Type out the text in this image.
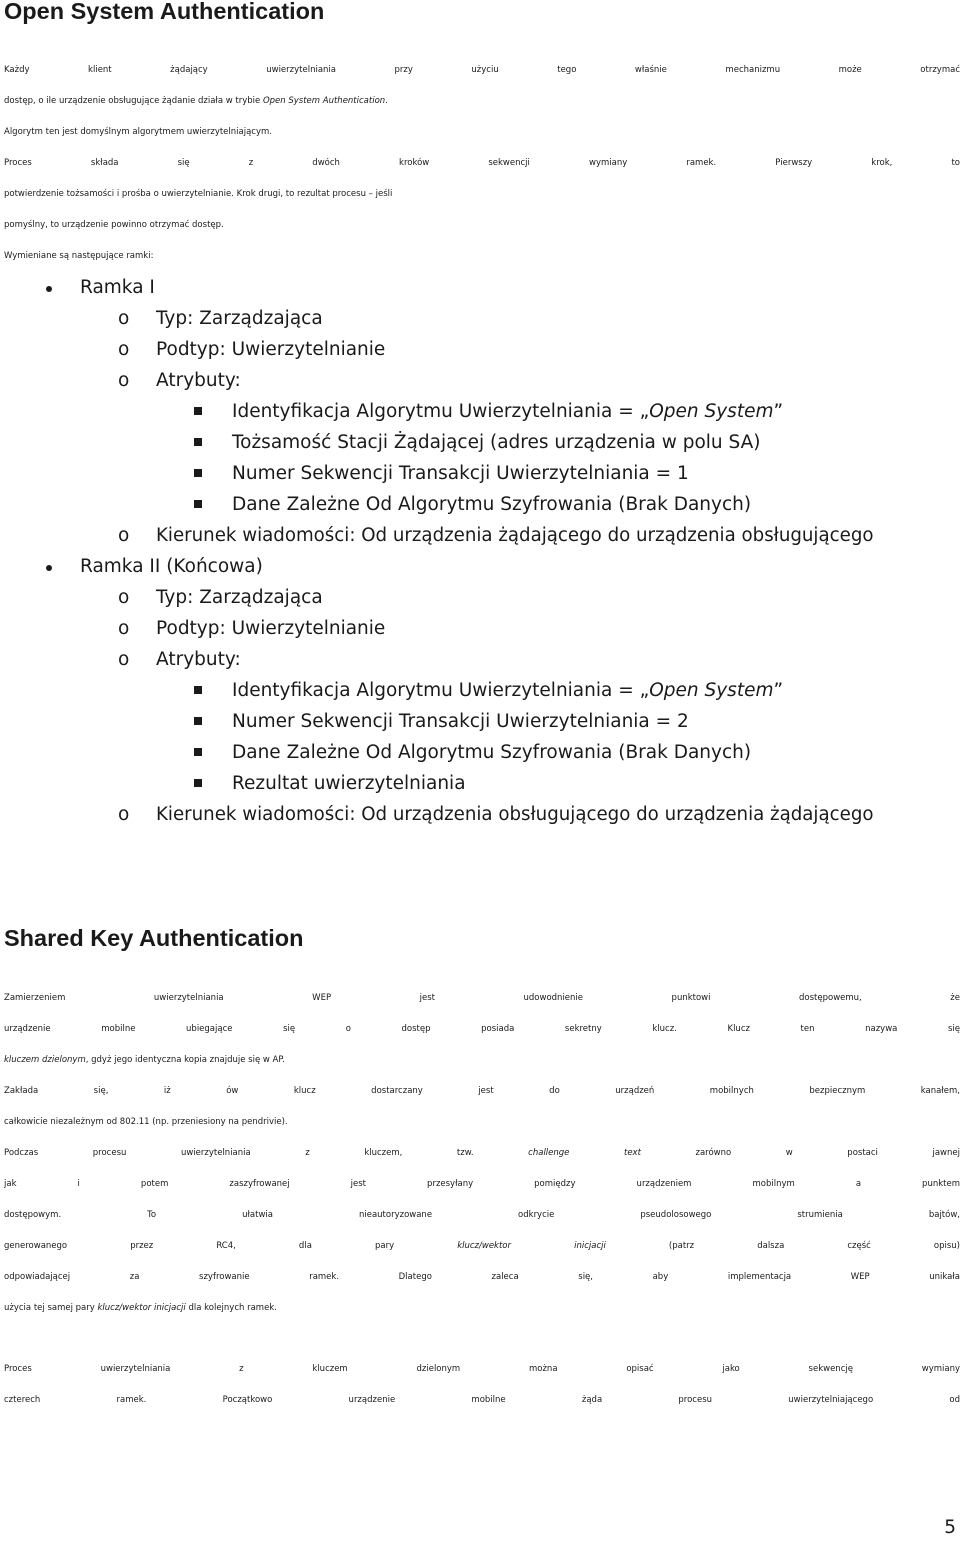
Open System Authentication

Każdy klient żądający uwierzytelniania przy użyciu tego właśnie mechanizmu może otrzymać

dostęp, o ile urządzenie obsługujące żądanie działa w trybie Open System Authentication.

Algorytm ten jest domyślnym algorytmem uwierzytelniającym.

Proces składa się z dwóch kroków sekwencji wymiany ramek. Pierwszy krok, to

potwierdzenie tożsamości i prośba o uwierzytelnianie. Krok drugi, to rezultat procesu – jeśli

pomyślny, to urządzenie powinno otrzymać dostęp.

Wymieniane są następujące ramki:

Ramka I
o Typ: Zarządzająca
o Podtyp: Uwierzytelnianie
o Atrybuty:
Identyfikacja Algorytmu Uwierzytelniania = „Open System”
Tożsamość Stacji Żądającej (adres urządzenia w polu SA)
Numer Sekwencji Transakcji Uwierzytelniania = 1
Dane Zależne Od Algorytmu Szyfrowania (Brak Danych)
o Kierunek wiadomości: Od urządzenia żądającego do urządzenia obsługującego
Ramka II (Końcowa)
o Typ: Zarządzająca
o Podtyp: Uwierzytelnianie
o Atrybuty:
Identyfikacja Algorytmu Uwierzytelniania = „Open System”
Numer Sekwencji Transakcji Uwierzytelniania = 2
Dane Zależne Od Algorytmu Szyfrowania (Brak Danych)
Rezultat uwierzytelniania
o Kierunek wiadomości: Od urządzenia obsługującego do urządzenia żądającego
Shared Key Authentication

Zamierzeniem uwierzytelniania WEP jest udowodnienie punktowi dostępowemu, że

urządzenie mobilne ubiegające się o dostęp posiada sekretny klucz. Klucz ten nazywa się

kluczem dzielonym, gdyż jego identyczna kopia znajduje się w AP.

Zakłada się, iż ów klucz dostarczany jest do urządzeń mobilnych bezpiecznym kanałem,

całkowicie niezależnym od 802.11 (np. przeniesiony na pendrivie).

Podczas procesu uwierzytelniania z kluczem, tzw. challenge text zarówno w postaci jawnej

jak i potem zaszyfrowanej jest przesyłany pomiędzy urządzeniem mobilnym a punktem

dostępowym. To ułatwia nieautoryzowane odkrycie pseudolosowego strumienia bajtów,

generowanego przez RC4, dla pary klucz/wektor inicjacji (patrz dalsza część opisu)

odpowiadającej za szyfrowanie ramek. Dlatego zaleca się, aby implementacja WEP unikała

użycia tej samej pary klucz/wektor inicjacji dla kolejnych ramek.

Proces uwierzytelniania z kluczem dzielonym można opisać jako sekwencję wymiany

czterech ramek. Początkowo urządzenie mobilne żąda procesu uwierzytelniającego od

5
